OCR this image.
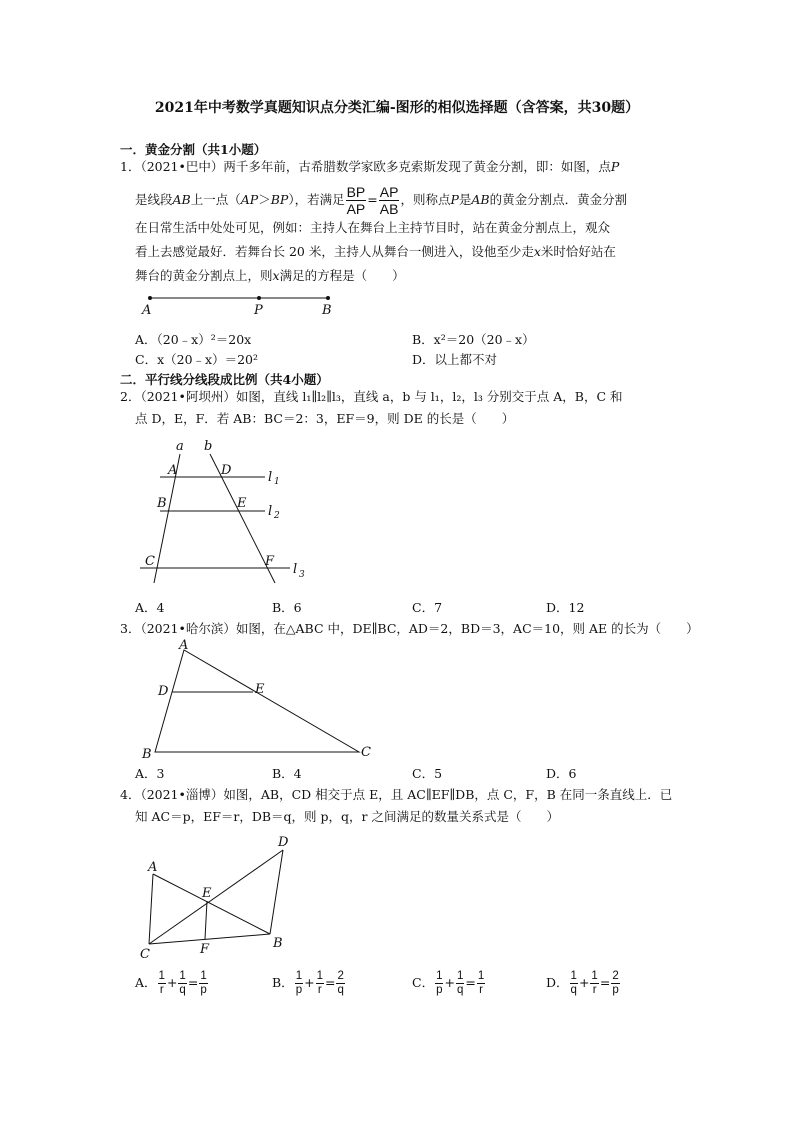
2021年中考数学真题知识点分类汇编-图形的相似选择题（含答案，共30题）
一．黄金分割（共1小题）
1．（2021•巴中）两千多年前，古希腊数学家欧多克索斯发现了黄金分割，即：如图，点P
是线段AB上一点（AP＞BP），若满足 $\frac{BP}{AP} = \frac{AP}{AB}$ ，则称点P是AB的黄金分割点．黄金分割
在日常生活中处处可见，例如：主持人在舞台上主持节目时，站在黄金分割点上，观众
看上去感觉最好．若舞台长 20 米，主持人从舞台一侧进入，设他至少走x米时恰好站在
舞台的黄金分割点上，则x满足的方程是（　　）
A	P	B
A．（20﹣x）²＝20x	B．x²＝20（20﹣x）
C．x（20﹣x）＝20²	D．以上都不对
二．平行线分线段成比例（共4小题）
2．（2021•阿坝州）如图，直线 l₁∥l₂∥l₃，直线 a，b 与 l₁，l₂，l₃ 分别交于点 A，B，C 和
点 D，E，F．若 AB：BC＝2：3，EF＝9，则 DE 的长是（　　）
a b
A	D
B	E
C	F
l 1
l 2
l 3
A．4	B．6	C．7	D．12
3．（2021•哈尔滨）如图，在△ABC 中，DE∥BC，AD＝2，BD＝3，AC＝10，则 AE 的长为（　　）
A
D	E
B	C
A．3	B．4	C．5	D．6
4．（2021•淄博）如图，AB，CD 相交于点 E，且 AC∥EF∥DB，点 C，F，B 在同一条直线上．已
知 AC＝p，EF＝r，DB＝q，则 p，q，r 之间满足的数量关系式是（　　）
A
D
E
C	F	B
A． $\frac{1}{r} + \frac{1}{q} = \frac{1}{p}$	B． $\frac{1}{p} + \frac{1}{r} = \frac{2}{q}$	C． $\frac{1}{p} + \frac{1}{q} = \frac{1}{r}$	D． $\frac{1}{q} + \frac{1}{r} = \frac{2}{p}$
